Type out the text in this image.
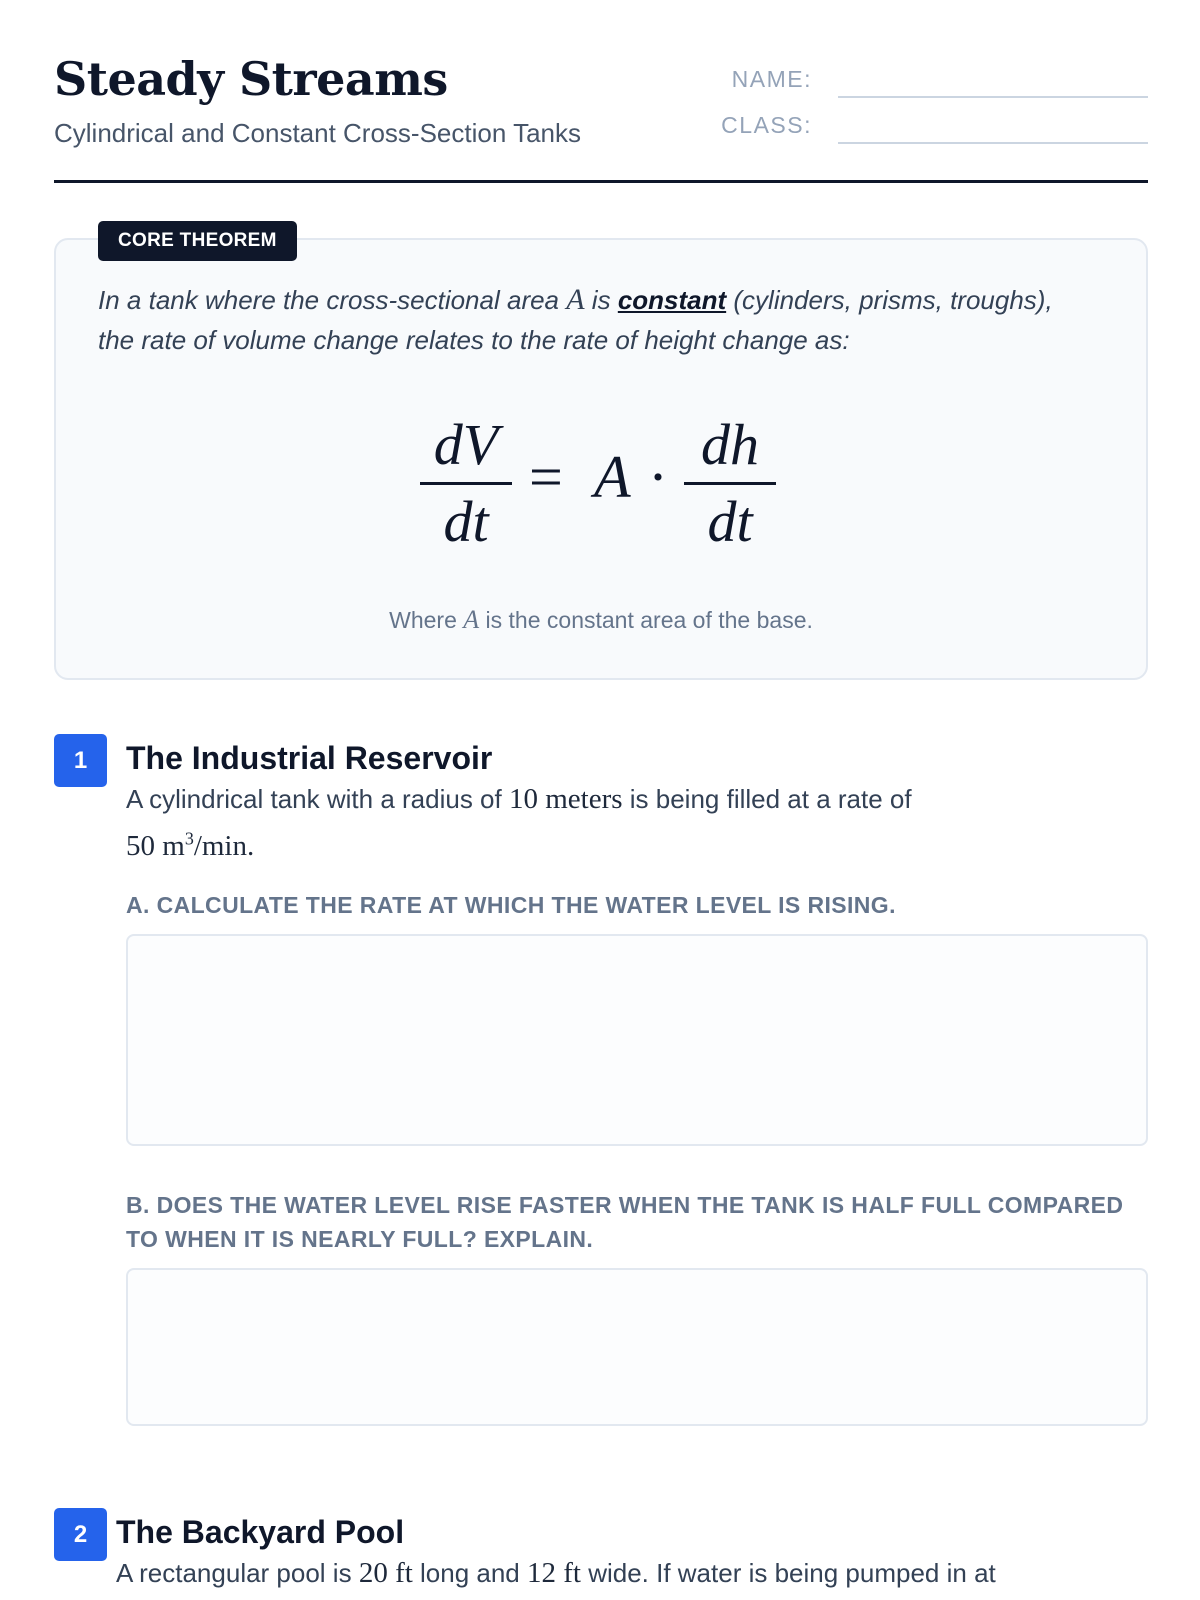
Steady Streams
Cylindrical and Constant Cross-Section Tanks
NAME:
CLASS:
In a tank where the cross-sectional area A is constant (cylinders, prisms, troughs), the rate of volume change relates to the rate of height change as:
dV
dt
= A · dh
dt
Where A is the constant area of the base.
CORE THEOREM
1	The Industrial Reservoir
A cylindrical tank with a radius of 10 meters is being filled at a rate of
50 $m^3/\min$.
A. CALCULATE THE RATE AT WHICH THE WATER LEVEL IS RISING.
B. DOES THE WATER LEVEL RISE FASTER WHEN THE TANK IS HALF FULL COMPARED TO WHEN IT IS NEARLY FULL? EXPLAIN.
2 The Backyard Pool
A rectangular pool is 20 ft long and 12 ft wide. If water is being pumped in at
